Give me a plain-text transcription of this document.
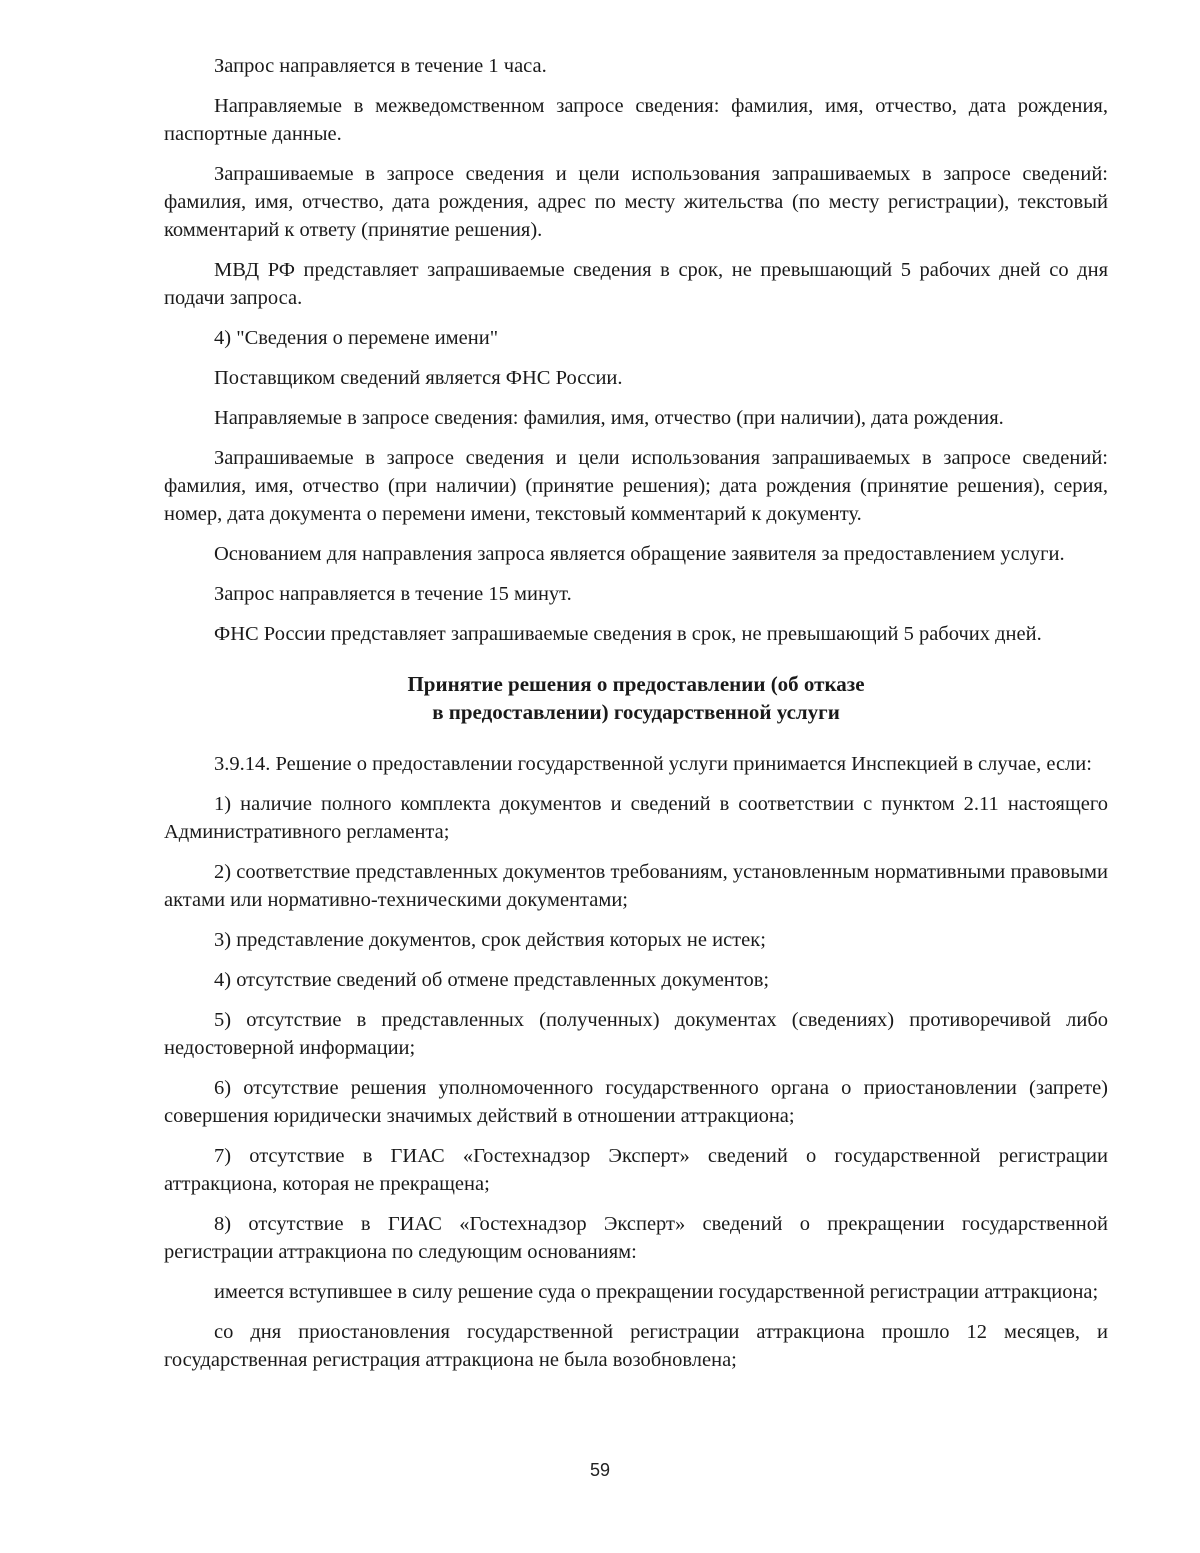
Запрос направляется в течение 1 часа.

Направляемые в межведомственном запросе сведения: фамилия, имя, отчество, дата рождения, паспортные данные.

Запрашиваемые в запросе сведения и цели использования запрашиваемых в запросе сведений: фамилия, имя, отчество, дата рождения, адрес по месту жительства (по месту регистрации), текстовый комментарий к ответу (принятие решения).

МВД РФ представляет запрашиваемые сведения в срок, не превышающий 5 рабочих дней со дня подачи запроса.

4) "Сведения о перемене имени"

Поставщиком сведений является ФНС России.

Направляемые в запросе сведения: фамилия, имя, отчество (при наличии), дата рождения.

Запрашиваемые в запросе сведения и цели использования запрашиваемых в запросе сведений: фамилия, имя, отчество (при наличии) (принятие решения); дата рождения (принятие решения), серия, номер, дата документа о перемени имени, текстовый комментарий к документу.

Основанием для направления запроса является обращение заявителя за предоставлением услуги.

Запрос направляется в течение 15 минут.

ФНС России представляет запрашиваемые сведения в срок, не превышающий 5 рабочих дней.

Принятие решения о предоставлении (об отказе
в предоставлении) государственной услуги

3.9.14. Решение о предоставлении государственной услуги принимается Инспекцией в случае, если:

1) наличие полного комплекта документов и сведений в соответствии с пунктом 2.11 настоящего Административного регламента;

2) соответствие представленных документов требованиям, установленным нормативными правовыми актами или нормативно-техническими документами;

3) представление документов, срок действия которых не истек;

4) отсутствие сведений об отмене представленных документов;

5) отсутствие в представленных (полученных) документах (сведениях) противоречивой либо недостоверной информации;

6) отсутствие решения уполномоченного государственного органа о приостановлении (запрете) совершения юридически значимых действий в отношении аттракциона;

7) отсутствие в ГИАС «Гостехнадзор Эксперт» сведений о государственной регистрации аттракциона, которая не прекращена;

8) отсутствие в ГИАС «Гостехнадзор Эксперт» сведений о прекращении государственной регистрации аттракциона по следующим основаниям:

имеется вступившее в силу решение суда о прекращении государственной регистрации аттракциона;

со дня приостановления государственной регистрации аттракциона прошло 12 месяцев, и государственная регистрация аттракциона не была возобновлена;

59
